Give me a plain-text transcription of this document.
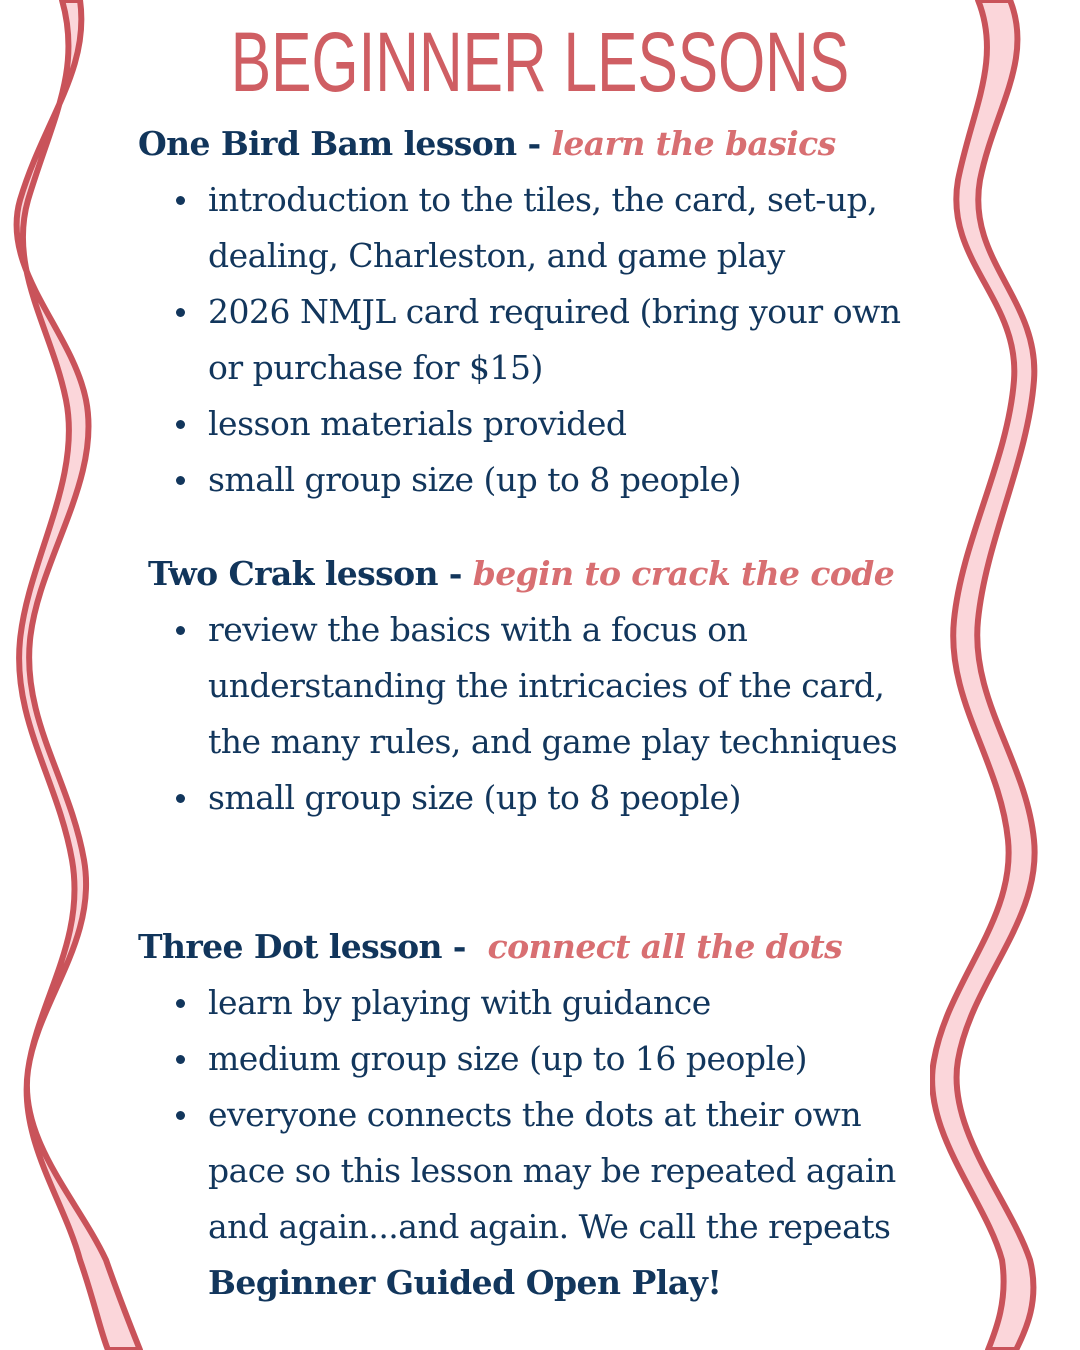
BEGINNER LESSONS
One Bird Bam lesson - learn the basics
introduction to the tiles, the card, set-up, dealing, Charleston, and game play
2026 NMJL card required (bring your own or purchase for $15)
lesson materials provided
small group size (up to 8 people)
Two Crak lesson - begin to crack the code
review the basics with a focus on understanding the intricacies of the card, the many rules, and game play techniques
small group size (up to 8 people)
Three Dot lesson -  connect all the dots
learn by playing with guidance
medium group size (up to 16 people)
everyone connects the dots at their own pace so this lesson may be repeated again and again...and again. We call the repeats Beginner Guided Open Play!
